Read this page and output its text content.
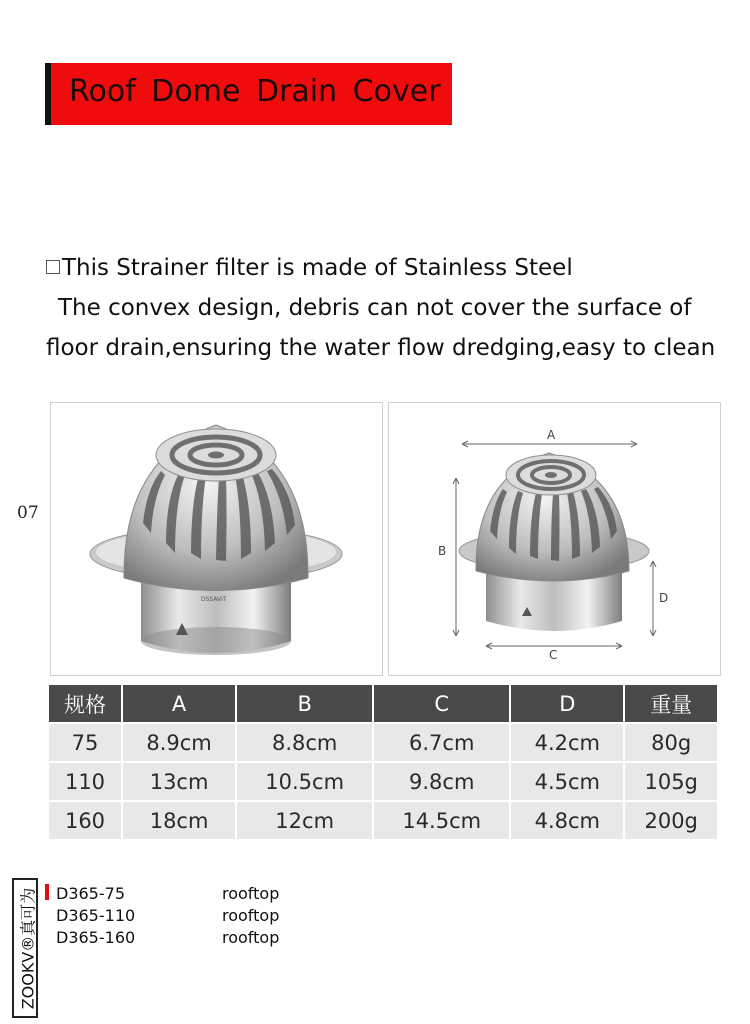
Roof Dome Drain Cover

This Strainer filter is made of Stainless Steel

The convex design, debris can not cover the surface of

floor drain,ensuring the water flow dredging,easy to clean

07
DSSAVIT
A
B
C
D
规格	A	B	C	D	重量
75	8.9cm	8.8cm	6.7cm	4.2cm	80g
110	13cm	10.5cm	9.8cm	4.5cm	105g
160	18cm	12cm	14.5cm	4.8cm	200g
ZOOKV®真可为 D365-75	rooftop
D365-110	rooftop
D365-160	rooftop
